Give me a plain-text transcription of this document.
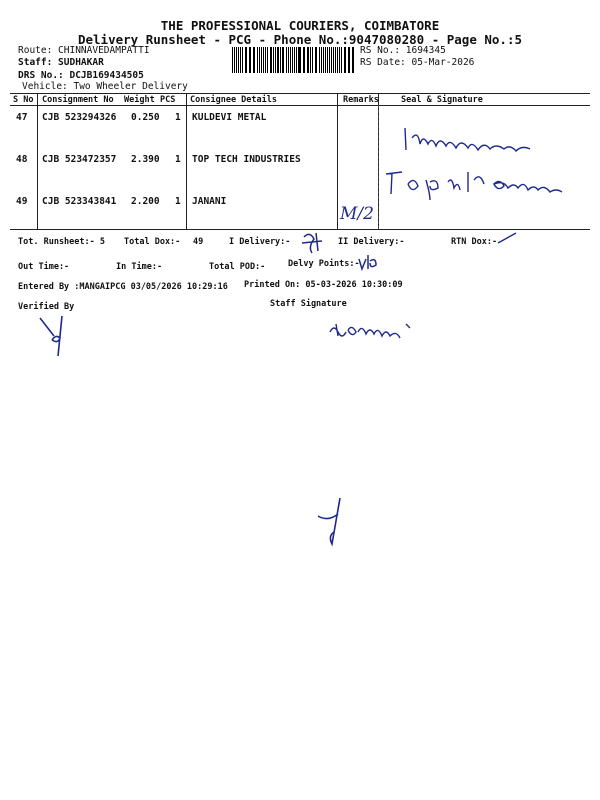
THE PROFESSIONAL COURIERS, COIMBATORE
Delivery Runsheet - PCG - Phone No.:9047080280 - Page No.:5
Route: CHINNAVEDAMPATTI
Staff: SUDHAKAR
DRS No.: DCJB169434505
Vehicle: Two Wheeler Delivery
RS No.: 1694345
RS Date: 05-Mar-2026
S No Consignment No Weight PCS Consignee Details	Remarks	Seal & Signature
47 CJB 523294326 0.250 1 KULDEVI METAL
48 CJB 523472357 2.390 1 TOP TECH INDUSTRIES
49 CJB 523343841 2.200 1 JANANI
M/2
Tot. Runsheet:- 5 Total Dox:- 49	I Delivery:-	II Delivery:-	RTN Dox:-
Out Time:-	In Time:-	Total POD:-	Delvy Points:-
Entered By :MANGAIPCG 03/05/2026 10:29:16 Printed On: 05-03-2026 10:30:09
Verified By	Staff Signature
